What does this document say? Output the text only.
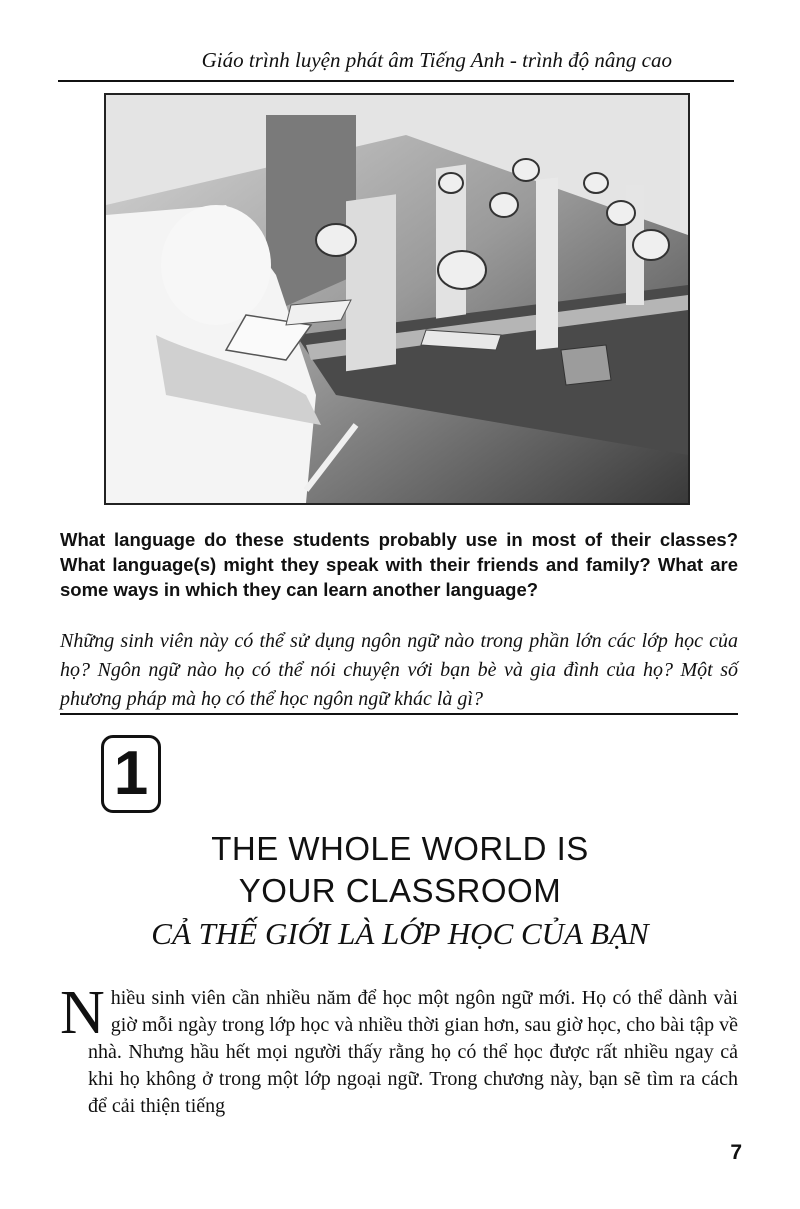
Giáo trình luyện phát âm Tiếng Anh - trình độ nâng cao
What language do these students probably use in most of their classes? What language(s) might they speak with their friends and family? What are some ways in which they can learn another language?
Những sinh viên này có thể sử dụng ngôn ngữ nào trong phần lớn các lớp học của họ? Ngôn ngữ nào họ có thể nói chuyện với bạn bè và gia đình của họ? Một số phương pháp mà họ có thể học ngôn ngữ khác là gì?
1
THE WHOLE WORLD IS
YOUR CLASSROOM
CẢ THẾ GIỚI LÀ LỚP HỌC CỦA BẠN
N hiều sinh viên cần nhiều năm để học một ngôn ngữ mới. Họ có thể dành vài giờ mỗi ngày trong lớp học và nhiều thời gian hơn, sau giờ học, cho bài tập về nhà. Nhưng hầu hết mọi người thấy rằng họ có thể học được rất nhiều ngay cả khi họ không ở trong một lớp ngoại ngữ. Trong chương này, bạn sẽ tìm ra cách để cải thiện tiếng
7
